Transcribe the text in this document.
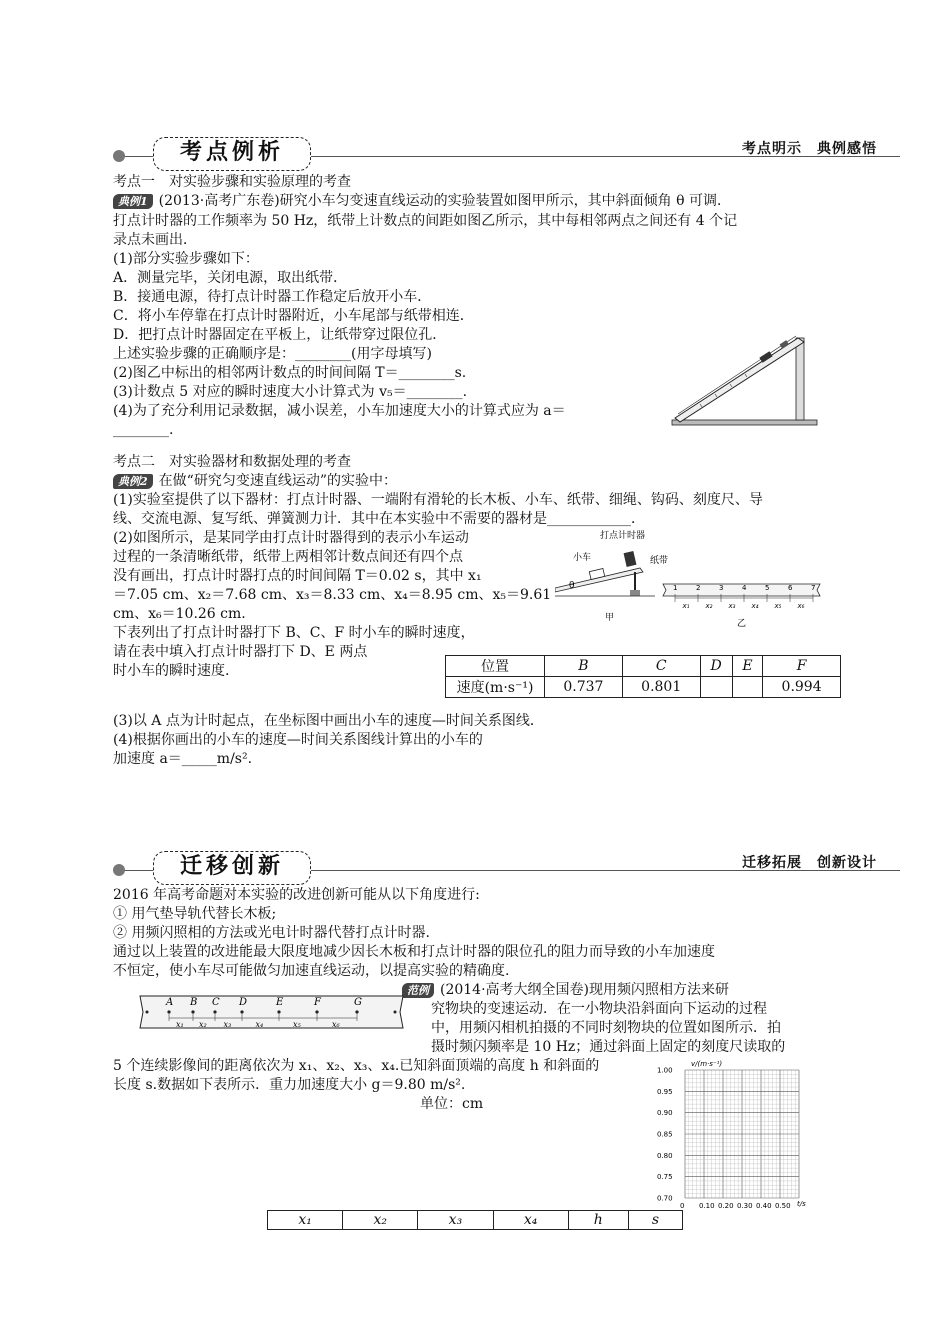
考点例析	考点明示　典例感悟
考点一　对实验步骤和实验原理的考查
典例1 (2013·高考广东卷)研究小车匀变速直线运动的实验装置如图甲所示，其中斜面倾角 θ 可调．
打点计时器的工作频率为 50 Hz，纸带上计数点的间距如图乙所示，其中每相邻两点之间还有 4 个记
录点未画出．
(1)部分实验步骤如下：
A．测量完毕，关闭电源，取出纸带．
B．接通电源，待打点计时器工作稳定后放开小车．
C．将小车停靠在打点计时器附近，小车尾部与纸带相连．
D．把打点计时器固定在平板上，让纸带穿过限位孔．
上述实验步骤的正确顺序是：________(用字母填写)
(2)图乙中标出的相邻两计数点的时间间隔 T＝________s.
(3)计数点 5 对应的瞬时速度大小计算式为 v₅＝________.
(4)为了充分利用记录数据，减小误差，小车加速度大小的计算式应为 a＝
________.
考点二　对实验器材和数据处理的考查
典例2 在做“研究匀变速直线运动”的实验中：
(1)实验室提供了以下器材：打点计时器、一端附有滑轮的长木板、小车、纸带、细绳、钩码、刻度尺、导
线、交流电源、复写纸、弹簧测力计．其中在本实验中不需要的器材是____________．
(2)如图所示，是某同学由打点计时器得到的表示小车运动
过程的一条清晰纸带，纸带上两相邻计数点间还有四个点
没有画出，打点计时器打点的时间间隔 T＝0.02 s，其中 x₁
＝7.05 cm、x₂＝7.68 cm、x₃＝8.33 cm、x₄＝8.95 cm、x₅＝9.61
cm、x₆＝10.26 cm.
下表列出了打点计时器打下 B、C、F 时小车的瞬时速度，
请在表中填入打点计时器打下 D、E 两点
时小车的瞬时速度.
(3)以 A 点为计时起点，在坐标图中画出小车的速度—时间关系图线．
(4)根据你画出的小车的速度—时间关系图线计算出的小车的
加速度 a＝_____m/s².
打点计时器
小车	纸带
θ
甲
1	2	3	4	5	6	7
x₁ x₂ x₃ x₄ x₅ x₆
乙
位置	B	C	D	E	F
速度(m·s⁻¹)	0.737	0.801			0.994
迁移创新	迁移拓展　创新设计
2016 年高考命题对本实验的改进创新可能从以下角度进行:
① 用气垫导轨代替长木板;
② 用频闪照相的方法或光电计时器代替打点计时器.
通过以上装置的改进能最大限度地减少因长木板和打点计时器的限位孔的阻力而导致的小车加速度
不恒定，使小车尽可能做匀加速直线运动，以提高实验的精确度.
范例 (2014·高考大纲全国卷)现用频闪照相方法来研
究物块的变速运动．在一小物块沿斜面向下运动的过程
中，用频闪相机拍摄的不同时刻物块的位置如图所示．拍
摄时频闪频率是 10 Hz；通过斜面上固定的刻度尺读取的
5 个连续影像间的距离依次为 x₁、x₂、x₃、x₄.已知斜面顶端的高度 h 和斜面的
长度 s.数据如下表所示．重力加速度大小 g＝9.80 m/s².
单位：cm
A B C D	E	F	G
x₁ x₂ x₃	x₄	x₅	x₆
v/(m·s⁻¹)
1.00
0.95
0.90
0.85
0.80
0.75
0.70
0 0.10 0.20 0.30 0.40 0.50 t/s
x₁	x₂	x₃	x₄	h	s
